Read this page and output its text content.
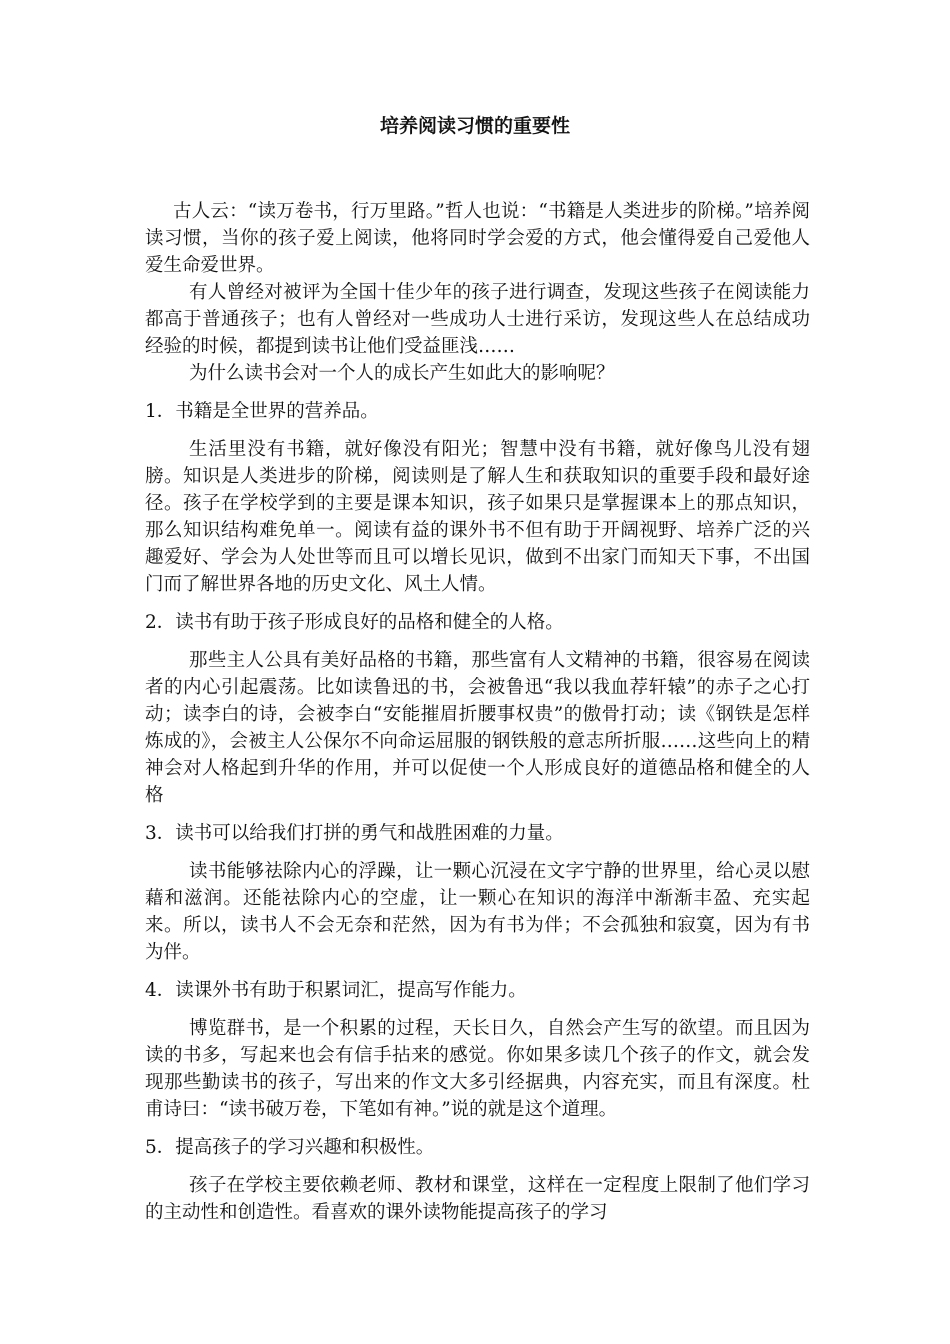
培养阅读习惯的重要性

古人云：“读万卷书，行万里路。”哲人也说：“书籍是人类进步的阶梯。”培养阅读习惯，当你的孩子爱上阅读，他将同时学会爱的方式，他会懂得爱自己爱他人爱生命爱世界。

有人曾经对被评为全国十佳少年的孩子进行调查，发现这些孩子在阅读能力都高于普通孩子；也有人曾经对一些成功人士进行采访，发现这些人在总结成功经验的时候，都提到读书让他们受益匪浅……

为什么读书会对一个人的成长产生如此大的影响呢？

1．书籍是全世界的营养品。

生活里没有书籍，就好像没有阳光；智慧中没有书籍，就好像鸟儿没有翅膀。知识是人类进步的阶梯，阅读则是了解人生和获取知识的重要手段和最好途径。孩子在学校学到的主要是课本知识，孩子如果只是掌握课本上的那点知识，那么知识结构难免单一。阅读有益的课外书不但有助于开阔视野、培养广泛的兴趣爱好、学会为人处世等而且可以增长见识，做到不出家门而知天下事，不出国门而了解世界各地的历史文化、风土人情。

2．读书有助于孩子形成良好的品格和健全的人格。

那些主人公具有美好品格的书籍，那些富有人文精神的书籍，很容易在阅读者的内心引起震荡。比如读鲁迅的书，会被鲁迅“我以我血荐轩辕”的赤子之心打动；读李白的诗，会被李白“安能摧眉折腰事权贵”的傲骨打动；读《钢铁是怎样炼成的》，会被主人公保尔不向命运屈服的钢铁般的意志所折服……这些向上的精神会对人格起到升华的作用，并可以促使一个人形成良好的道德品格和健全的人格

3．读书可以给我们打拼的勇气和战胜困难的力量。

读书能够祛除内心的浮躁，让一颗心沉浸在文字宁静的世界里，给心灵以慰藉和滋润。还能祛除内心的空虚，让一颗心在知识的海洋中渐渐丰盈、充实起来。所以，读书人不会无奈和茫然，因为有书为伴；不会孤独和寂寞，因为有书为伴。

4．读课外书有助于积累词汇，提高写作能力。

博览群书，是一个积累的过程，天长日久，自然会产生写的欲望。而且因为读的书多，写起来也会有信手拈来的感觉。你如果多读几个孩子的作文，就会发现那些勤读书的孩子，写出来的作文大多引经据典，内容充实，而且有深度。杜甫诗曰：“读书破万卷，下笔如有神。”说的就是这个道理。

5．提高孩子的学习兴趣和积极性。

孩子在学校主要依赖老师、教材和课堂，这样在一定程度上限制了他们学习的主动性和创造性。看喜欢的课外读物能提高孩子的学习
